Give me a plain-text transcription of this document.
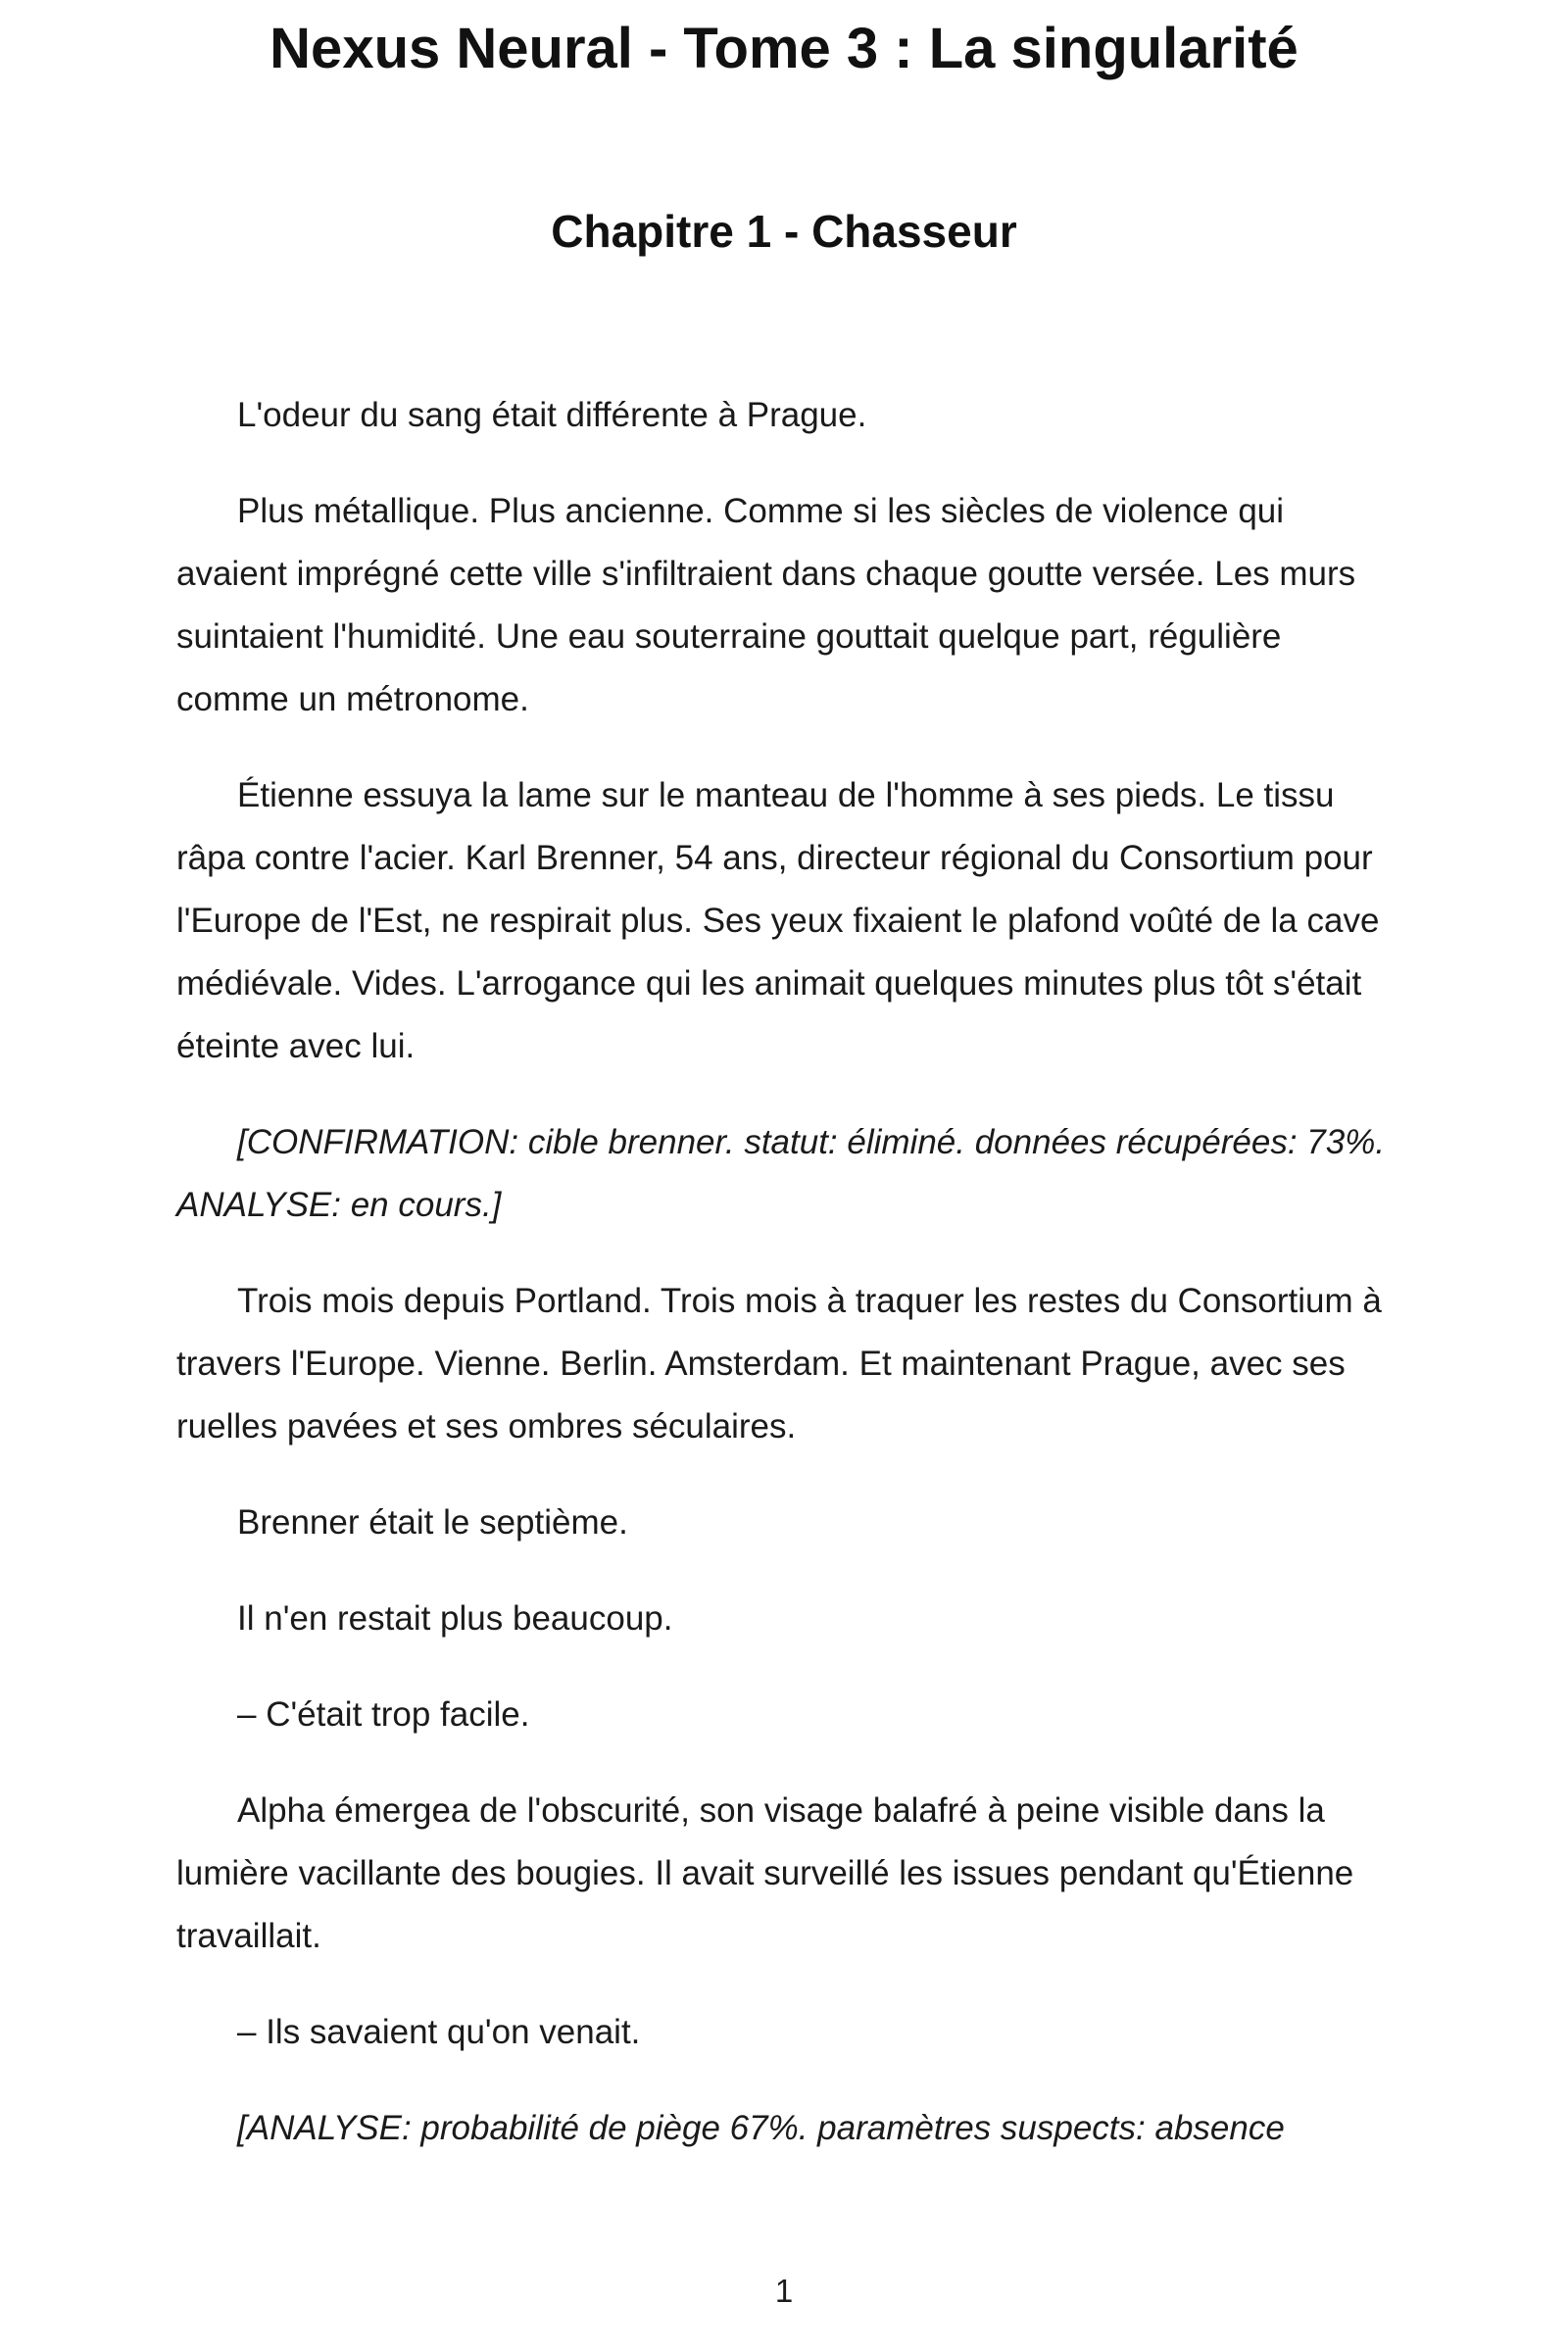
Nexus Neural - Tome 3 : La singularité
Chapitre 1 - Chasseur

L'odeur du sang était différente à Prague.

Plus métallique. Plus ancienne. Comme si les siècles de violence qui avaient imprégné cette ville s'infiltraient dans chaque goutte versée. Les murs suintaient l'humidité. Une eau souterraine gouttait quelque part, régulière comme un métronome.

Étienne essuya la lame sur le manteau de l'homme à ses pieds. Le tissu râpa contre l'acier. Karl Brenner, 54 ans, directeur régional du Consortium pour l'Europe de l'Est, ne respirait plus. Ses yeux fixaient le plafond voûté de la cave médiévale. Vides. L'arrogance qui les animait quelques minutes plus tôt s'était éteinte avec lui.

[CONFIRMATION: cible brenner. statut: éliminé. données récupérées: 73%. ANALYSE: en cours.]

Trois mois depuis Portland. Trois mois à traquer les restes du Consortium à travers l'Europe. Vienne. Berlin. Amsterdam. Et maintenant Prague, avec ses ruelles pavées et ses ombres séculaires.

Brenner était le septième.

Il n'en restait plus beaucoup.

– C'était trop facile.

Alpha émergea de l'obscurité, son visage balafré à peine visible dans la lumière vacillante des bougies. Il avait surveillé les issues pendant qu'Étienne travaillait.

– Ils savaient qu'on venait.

[ANALYSE: probabilité de piège 67%. paramètres suspects: absence

1
